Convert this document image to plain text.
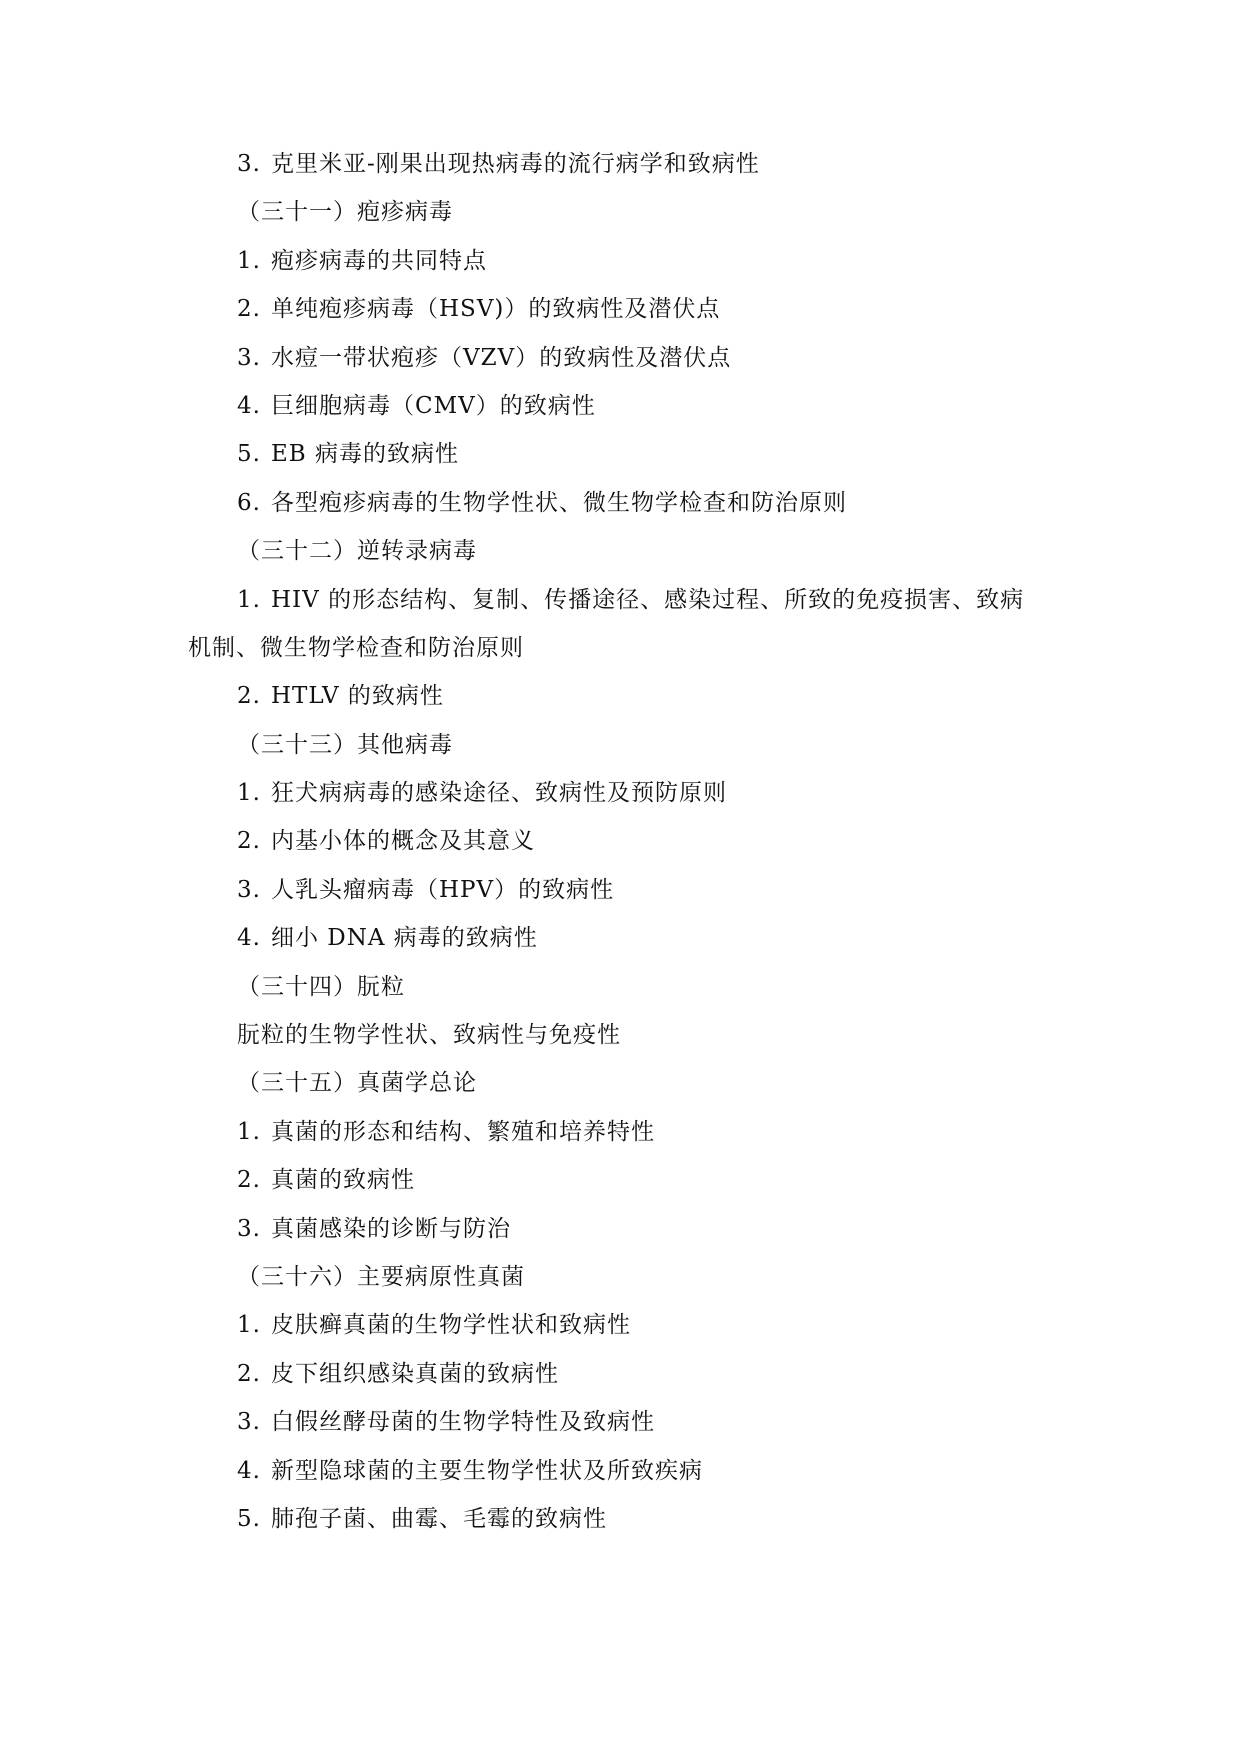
3. 克里米亚-刚果出现热病毒的流行病学和致病性
（三十一）疱疹病毒
1. 疱疹病毒的共同特点
2. 单纯疱疹病毒（HSV)）的致病性及潜伏点
3. 水痘一带状疱疹（VZV）的致病性及潜伏点
4. 巨细胞病毒（CMV）的致病性
5. EB 病毒的致病性
6. 各型疱疹病毒的生物学性状、微生物学检查和防治原则
（三十二）逆转录病毒
1. HIV 的形态结构、复制、传播途径、感染过程、所致的免疫损害、致病
机制、微生物学检查和防治原则
2. HTLV 的致病性
（三十三）其他病毒
1. 狂犬病病毒的感染途径、致病性及预防原则
2. 内基小体的概念及其意义
3. 人乳头瘤病毒（HPV）的致病性
4. 细小 DNA 病毒的致病性
（三十四）朊粒
朊粒的生物学性状、致病性与免疫性
（三十五）真菌学总论
1. 真菌的形态和结构、繁殖和培养特性
2. 真菌的致病性
3. 真菌感染的诊断与防治
（三十六）主要病原性真菌
1. 皮肤癣真菌的生物学性状和致病性
2. 皮下组织感染真菌的致病性
3. 白假丝酵母菌的生物学特性及致病性
4. 新型隐球菌的主要生物学性状及所致疾病
5. 肺孢子菌、曲霉、毛霉的致病性
